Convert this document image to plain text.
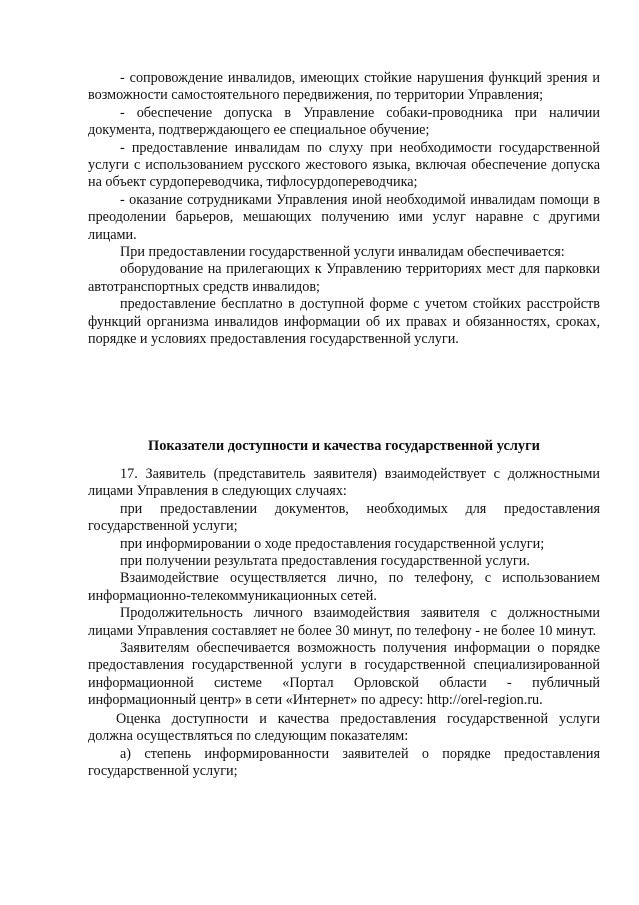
- сопровождение инвалидов, имеющих стойкие нарушения функций зрения и возможности самостоятельного передвижения, по территории Управления;

- обеспечение допуска в Управление собаки-проводника при наличии документа, подтверждающего ее специальное обучение;

- предоставление инвалидам по слуху при необходимости государственной услуги с использованием русского жестового языка, включая обеспечение допуска на объект сурдопереводчика, тифлосурдопереводчика;

- оказание сотрудниками Управления иной необходимой инвалидам помощи в преодолении барьеров, мешающих получению ими услуг наравне с другими лицами.

При предоставлении государственной услуги инвалидам обеспечивается:

оборудование на прилегающих к Управлению территориях мест для парковки автотранспортных средств инвалидов;

предоставление бесплатно в доступной форме с учетом стойких расстройств функций организма инвалидов информации об их правах и обязанностях, сроках, порядке и условиях предоставления государственной услуги.

Показатели доступности и качества государственной услуги

17. Заявитель (представитель заявителя) взаимодействует с должностными лицами Управления в следующих случаях:

при предоставлении документов, необходимых для предоставления государственной услуги;

при информировании о ходе предоставления государственной услуги;

при получении результата предоставления государственной услуги.

Взаимодействие осуществляется лично, по телефону, с использованием информационно-телекоммуникационных сетей.

Продолжительность личного взаимодействия заявителя с должностными лицами Управления составляет не более 30 минут, по телефону - не более 10 минут.

Заявителям обеспечивается возможность получения информации о порядке предоставления государственной услуги в государственной специализированной информационной системе «Портал Орловской области - публичный информационный центр» в сети «Интернет» по адресу: http://orel-region.ru.

Оценка доступности и качества предоставления государственной услуги должна осуществляться по следующим показателям:

а) степень информированности заявителей о порядке предоставления государственной услуги;
